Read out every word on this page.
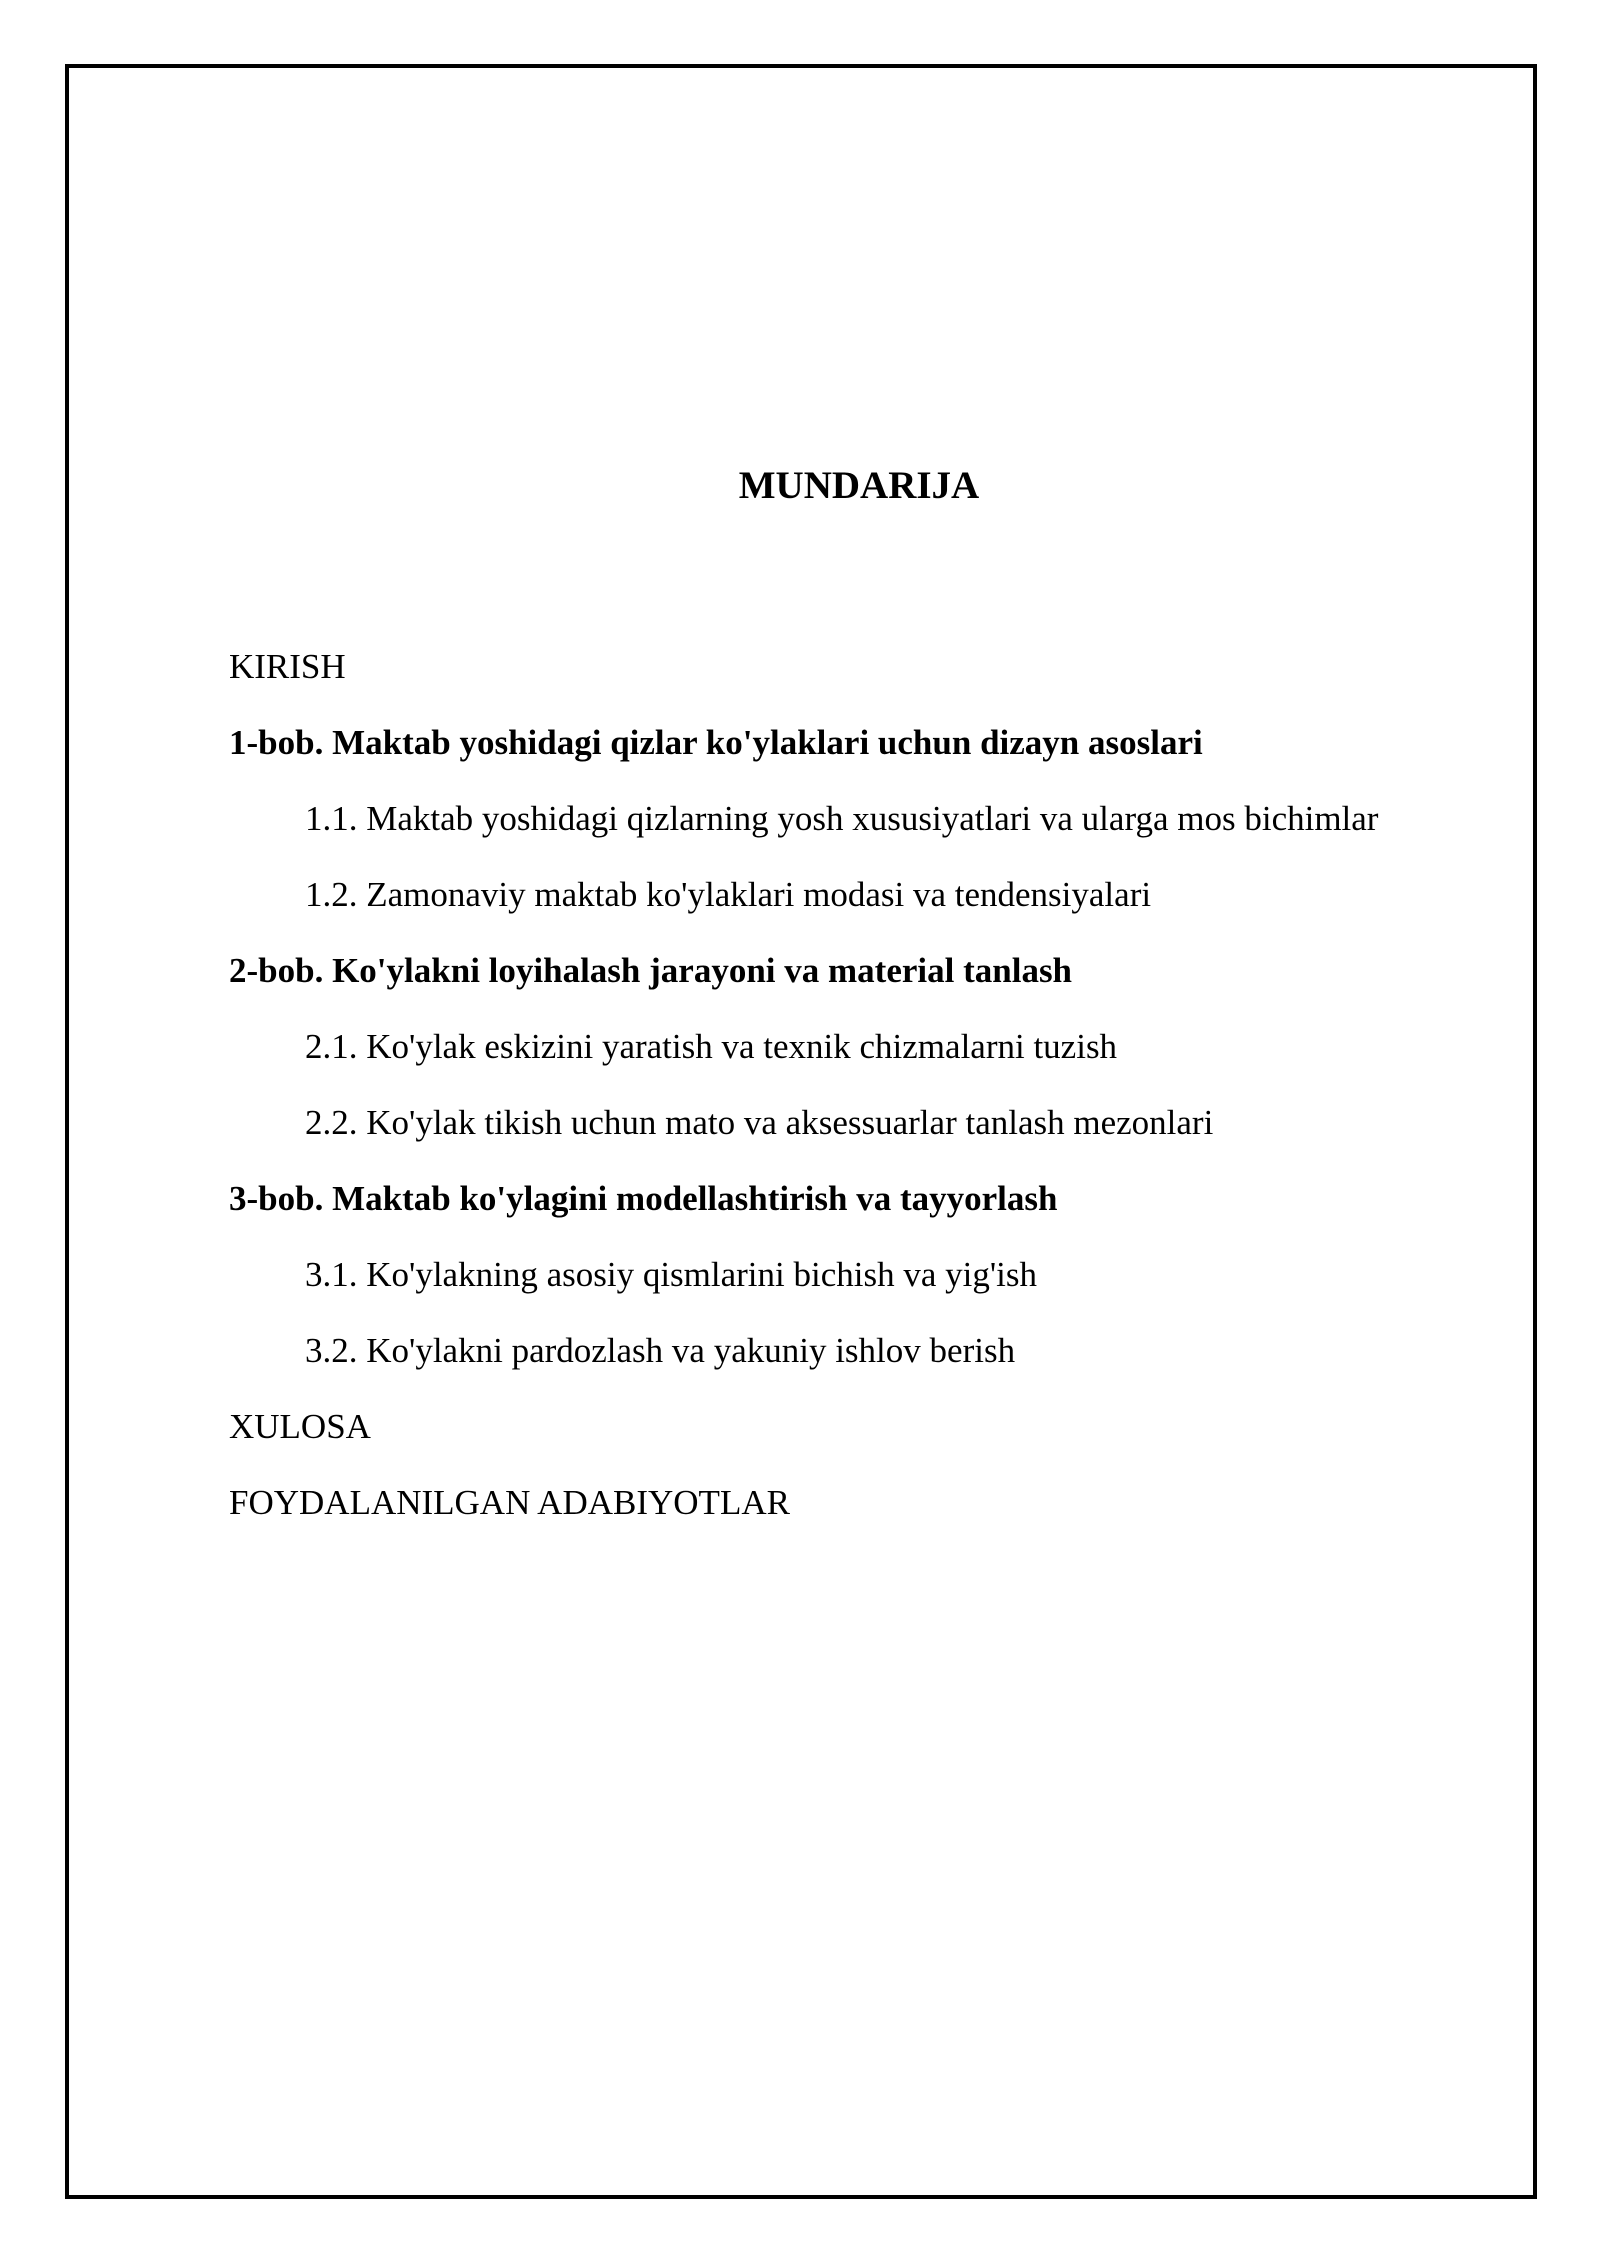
MUNDARIJA
KIRISH
1-bob. Maktab yoshidagi qizlar ko'ylaklari uchun dizayn asoslari
1.1. Maktab yoshidagi qizlarning yosh xususiyatlari va ularga mos bichimlar
1.2. Zamonaviy maktab ko'ylaklari modasi va tendensiyalari
2-bob. Ko'ylakni loyihalash jarayoni va material tanlash
2.1. Ko'ylak eskizini yaratish va texnik chizmalarni tuzish
2.2. Ko'ylak tikish uchun mato va aksessuarlar tanlash mezonlari
3-bob. Maktab ko'ylagini modellashtirish va tayyorlash
3.1. Ko'ylakning asosiy qismlarini bichish va yig'ish
3.2. Ko'ylakni pardozlash va yakuniy ishlov berish
XULOSA
FOYDALANILGAN ADABIYOTLAR
